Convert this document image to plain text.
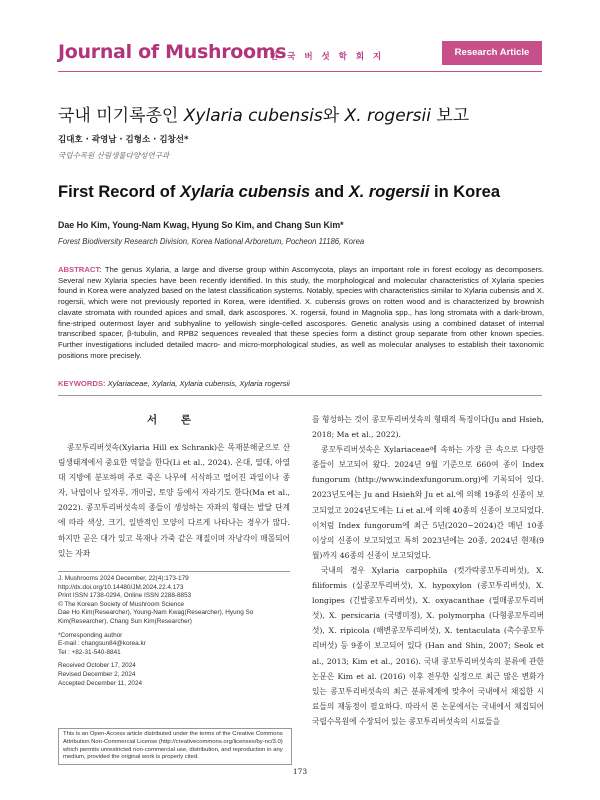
Journal of Mushrooms
한 국 버 섯 학 회 지	Research Article
국내 미기록종인 Xylaria cubensis와 X. rogersii 보고
김대호 · 곽영남 · 김형소 · 김창선*
국립수목원 산림생물다양성연구과
First Record of Xylaria cubensis and X. rogersii in Korea
Dae Ho Kim, Young-Nam Kwag, Hyung So Kim, and Chang Sun Kim*
Forest Biodiversity Research Division, Korea National Arboretum, Pocheon 11186, Korea

ABSTRACT: The genus Xylaria, a large and diverse group within Ascomycota, plays an important role in forest ecology as decomposers. Several new Xylaria species have been recently identified. In this study, the morphological and molecular characteristics of Xylaria species found in Korea were analyzed based on the latest classification systems. Notably, species with characteristics similar to Xylaria cubensis and X. rogersii, which were not previously reported in Korea, were identified. X. cubensis grows on rotten wood and is characterized by brownish clavate stromata with rounded apices and small, dark ascospores. X. rogersii, found in Magnolia spp., has long stromata with a dark-brown, fine-striped outermost layer and subhyaline to yellowish single-celled ascospores. Genetic analysis using a combined dataset of internal transcribed spacer, β-tubulin, and RPB2 sequences revealed that these species form a distinct group separate from other known species. Further investigations included detailed macro- and micro-morphological studies, as well as molecular analyses to establish their taxonomic positions more precisely.

KEYWORDS: Xylariaceae, Xylaria, Xylaria cubensis, Xylaria rogersii
서 론

콩꼬투리버섯속(Xylaria Hill ex Schrank)은 목재분해균으로 산림생태계에서 중요한 역할을 한다(Li et al., 2024). 온대, 열대, 아열대 지방에 분포하며 주로 죽은 나무에 서식하고 떨어진 과일이나 종자, 낙엽이나 잎자루, 개미굴, 토양 등에서 자라기도 한다(Ma et al., 2022). 콩꼬투리버섯속의 종들이 생성하는 자좌의 형태는 발달 단계에 따라 색상, 크기, 일반적인 모양이 다르게 나타나는 경우가 많다. 하지만 곧은 대가 있고 목재나 가죽 같은 재질이며 자낭각이 매몰되어 있는 자좌

J. Mushrooms 2024 December, 22(4):173-179
http://dx.doi.org/10.14480/JM.2024.22.4.173
Print ISSN 1738-0294, Online ISSN 2288-8853
© The Korean Society of Mushroom Science
Dae Ho Kim(Researcher), Young-Nam Kwag(Researcher), Hyung So Kim(Researcher), Chang Sun Kim(Researcher)
*Corresponding author
E-mail : changsun84@korea.kr
Tel : +82-31-540-8841
Received October 17, 2024
Revised December 2, 2024
Accepted December 11, 2024
This is an Open-Access article distributed under the terms of the Creative Commons Attribution Non-Commercial License (http://creativecommons.org/licenses/by-nc/3.0) which permits unrestricted non-commercial use, distribution, and reproduction in any medium, provided the original work is properly cited.

를 형성하는 것이 콩꼬투리버섯속의 형태적 특징이다(Ju and Hsieh, 2018; Ma et al., 2022).

콩꼬투리버섯속은 Xylariaceae에 속하는 가장 큰 속으로 다양한 종들이 보고되어 왔다. 2024년 9월 기준으로 660여 종이 Index fungorum (http://www.indexfungorum.org)에 기록되어 있다. 2023년도에는 Ju and Hsieh와 Ju et al.에 의해 19종의 신종이 보고되었고 2024년도에는 Li et al.에 의해 40종의 신종이 보고되었다. 이처럼 Index fungorum에 최근 5년(2020~2024)간 매년 10종 이상의 신종이 보고되었고 특히 2023년에는 20종, 2024년 현재(9월)까지 46종의 신종이 보고되었다.

국내의 경우 Xylaria carpophila (컷가락콩꼬투리버섯), X. filiformis (실콩꼬투리버섯), X. hypoxylon (콩꼬투리버섯), X. longipes (긴발콩꼬투리버섯), X. oxyacanthae (열매콩꼬투리버섯), X. persicaria (국맹미정), X. polymorpha (다형콩꼬투리버섯), X. ripicola (해변콩꼬투리버섯), X. tentaculata (촉수콩꼬투리버섯) 등 9종이 보고되어 있다 (Han and Shin, 2007; Seok et al., 2013; Kim et al., 2016). 국내 콩꼬투리버섯속의 분류에 관한 논문은 Kim et al. (2016) 이후 전무한 실정으로 최근 많은 변화가 있는 콩꼬투리버섯속의 최근 분류체계에 맞추어 국내에서 채집한 시료들의 재동정이 필요하다. 따라서 본 논문에서는 국내에서 채집되어 국립수목원에 수장되어 있는 콩꼬투리버섯속의 시료들을

173
